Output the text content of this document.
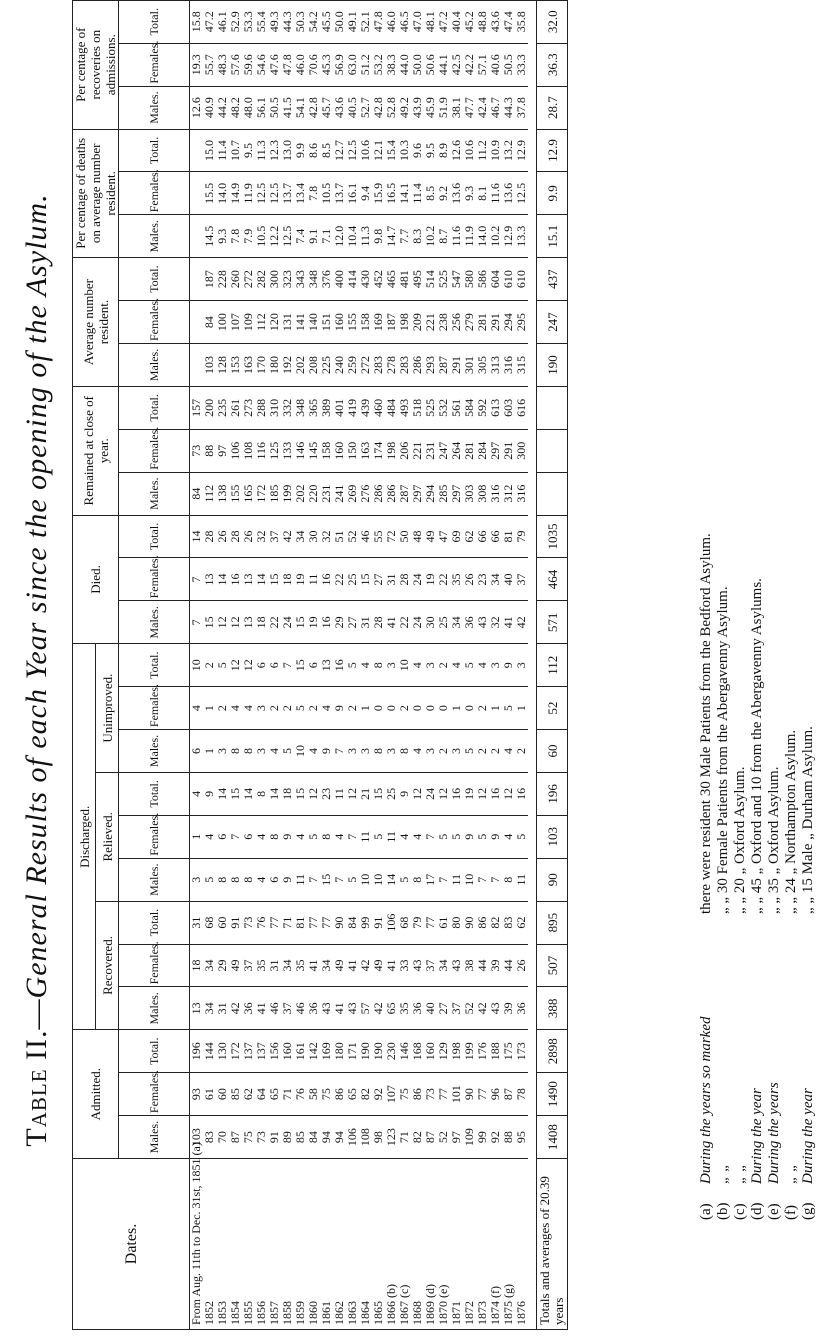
Table II.—General Results of each Year since the opening of the Asylum.
Dates.	Admitted.			Discharged.									Died.			Remained at close of year.			Average number resident.			Per centage of deaths on average number resident.			Per centage of recoveries on admissions.		
				Recovered.			Relieved.			Unimproved.																	
	Males.	Females.	Total.	Males.	Females.	Total.	Males.	Females.	Total.	Males.	Females.	Total.	Males.	Females.	Total.	Males.	Females.	Total.	Males.	Females.	Total.	Males.	Females.	Total.	Males.	Females.	Total.
From Aug. 11th to Dec. 31st, 1851 (a)	103	93	196	13	18	31	3	1	4	6	4	10	7	7	14	84	73	157							12.6	19.3	15.8
1852	83	61	144	34	34	68	5	4	9	1	1	2	15	13	28	112	88	200	103	84	187	14.5	15.5	15.0	40.9	55.7	47.2
1853	70	60	130	31	29	60	8	6	14	3	2	5	12	14	26	138	97	235	128	100	228	9.3	14.0	11.4	44.2	48.3	46.1
1854	87	85	172	42	49	91	8	7	15	8	4	12	12	16	28	155	106	261	153	107	260	7.8	14.9	10.7	48.2	57.6	52.9
1855	75	62	137	36	37	73	8	6	14	8	4	12	13	13	26	165	108	273	163	109	272	7.9	11.9	9.5	48.0	59.6	53.3
1856	73	64	137	41	35	76	4	4	8	3	3	6	18	14	32	172	116	288	170	112	282	10.5	12.5	11.3	56.1	54.6	55.4
1857	91	65	156	46	31	77	6	8	14	4	2	6	22	15	37	185	125	310	180	120	300	12.2	12.5	12.3	50.5	47.6	49.3
1858	89	71	160	37	34	71	9	9	18	5	2	7	24	18	42	199	133	332	192	131	323	12.5	13.7	13.0	41.5	47.8	44.3
1859	85	76	161	46	35	81	11	4	15	10	5	15	15	19	34	202	146	348	202	141	343	7.4	13.4	9.9	54.1	46.0	50.3
1860	84	58	142	36	41	77	7	5	12	4	2	6	19	11	30	220	145	365	208	140	348	9.1	7.8	8.6	42.8	70.6	54.2
1861	94	75	169	43	34	77	15	8	23	9	4	13	16	16	32	231	158	389	225	151	376	7.1	10.5	8.5	45.7	45.3	45.5
1862	94	86	180	41	49	90	7	4	11	7	9	16	29	22	51	241	160	401	240	160	400	12.0	13.7	12.7	43.6	56.9	50.0
1863	106	65	171	43	41	84	5	7	12	3	2	5	27	25	52	269	150	419	259	155	414	10.4	16.1	12.5	40.5	63.0	49.1
1864	108	82	190	57	42	99	10	11	21	3	1	4	31	15	46	276	163	439	272	158	430	11.3	9.4	10.6	52.7	51.2	52.1
1865	98	92	190	42	49	91	10	5	15	8	0	8	28	27	55	286	174	460	283	169	452	9.8	15.9	12.1	42.8	53.2	47.8
1866 (b)	123	107	230	65	41	106	14	11	25	3	0	3	41	31	72	286	198	484	278	187	465	14.7	16.5	15.4	52.8	38.3	46.0
1867 (c)	71	75	146	35	33	68	5	4	9	8	2	10	22	28	50	287	206	493	283	198	481	7.7	14.1	10.3	49.2	44.0	46.5
1868	82	86	168	36	43	79	8	4	12	4	0	4	24	24	48	297	221	518	286	209	495	8.3	11.4	9.6	43.9	50.0	47.0
1869 (d)	87	73	160	40	37	77	17	7	24	3	0	3	30	19	49	294	231	525	293	221	514	10.2	8.5	9.5	45.9	50.6	48.1
1870 (e)	52	77	129	27	34	61	7	5	12	2	0	2	25	22	47	285	247	532	287	238	525	8.7	9.2	8.9	51.9	44.1	47.2
1871	97	101	198	37	43	80	11	5	16	3	1	4	34	35	69	297	264	561	291	256	547	11.6	13.6	12.6	38.1	42.5	40.4
1872	109	90	199	52	38	90	10	9	19	5	0	5	36	26	62	303	281	584	301	279	580	11.9	9.3	10.6	47.7	42.2	45.2
1873	99	77	176	42	44	86	7	5	12	2	2	4	43	23	66	308	284	592	305	281	586	14.0	8.1	11.2	42.4	57.1	48.8
1874 (f)	92	96	188	43	39	82	7	9	16	2	1	3	32	34	66	316	297	613	313	291	604	10.2	11.6	10.9	46.7	40.6	43.6
1875 (g)	88	87	175	39	44	83	8	4	12	4	5	9	41	40	81	312	291	603	316	294	610	12.9	13.6	13.2	44.3	50.5	47.4
1876	95	78	173	36	26	62	11	5	16	2	1	3	42	37	79	316	300	616	315	295	610	13.3	12.5	12.9	37.8	33.3	35.8

Totals and averages of 20.39 years	1408	1490	2898	388	507	895	90	103	196	60	52	112	571	464	1035				190	247	437	15.1	9.9	12.9	28.7	36.3	32.0
(a)
During the years so marked
there were resident 30 Male Patients from the Bedford Asylum.
(b)
„ „
„ „ 30 Female Patients from the Abergavenny Asylum.
(c)
„ „
„ „ 20 „ Oxford Asylum.
(d)
During the year
„ „ 45 „ Oxford and 10 from the Abergavenny Asylums.
(e)
During the years
„ „ 35 „ Oxford Asylum.
(f)
„ „
„ „ 24 „ Northampton Asylum.
(g)
During the year
„ „ 15 Male „ Durham Asylum.
